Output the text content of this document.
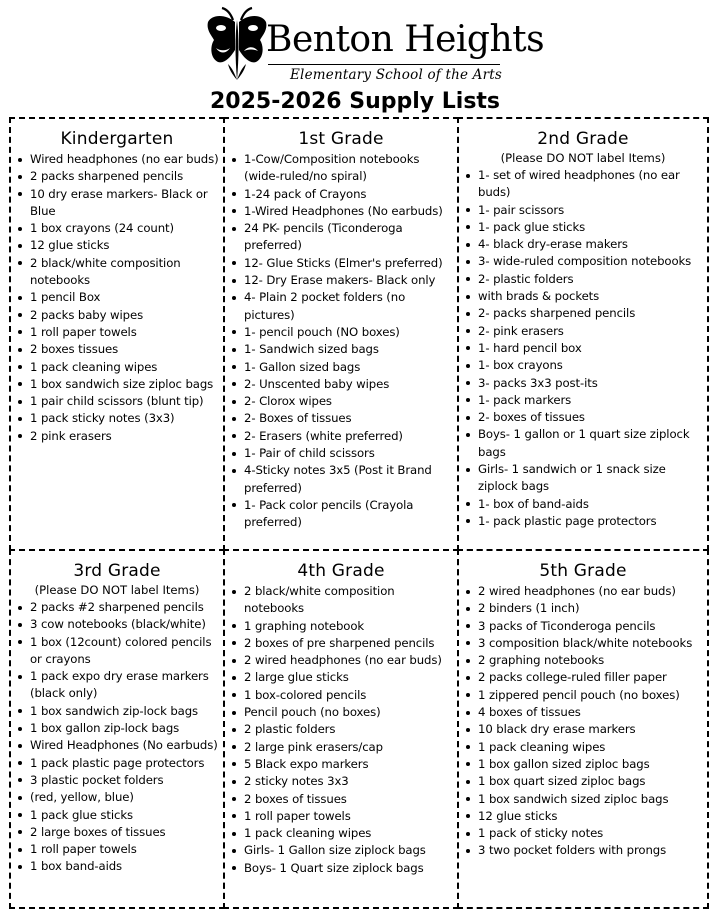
Benton Heights
Elementary School of the Arts
2025-2026 Supply Lists
Kindergarten
Wired headphones (no ear buds)
2 packs sharpened pencils
10 dry erase markers- Black or Blue
1 box crayons (24 count)
12 glue sticks
2 black/white composition notebooks
1 pencil Box
2 packs baby wipes
1 roll paper towels
2 boxes tissues
1 pack cleaning wipes
1 box sandwich size ziploc bags
1 pair child scissors (blunt tip)
1 pack sticky notes (3x3)
2 pink erasers
1st Grade
1-Cow/Composition notebooks (wide-ruled/no spiral)
1-24 pack of Crayons
1-Wired Headphones (No earbuds)
24 PK- pencils (Ticonderoga preferred)
12- Glue Sticks (Elmer's preferred)
12- Dry Erase makers- Black only
4- Plain 2 pocket folders (no pictures)
1- pencil pouch (NO boxes)
1- Sandwich sized bags
1- Gallon sized bags
2- Unscented baby wipes
2- Clorox wipes
2- Boxes of tissues
2- Erasers (white preferred)
1- Pair of child scissors
4-Sticky notes 3x5 (Post it Brand preferred)
1- Pack color pencils (Crayola preferred)
2nd Grade
(Please DO NOT label Items)
1- set of wired headphones (no ear buds)
1- pair scissors
1- pack glue sticks
4- black dry-erase makers
3- wide-ruled composition notebooks
2- plastic folders
with brads & pockets
2- packs sharpened pencils
2- pink erasers
1- hard pencil box
1- box crayons
3- packs 3x3 post-its
1- pack markers
2- boxes of tissues
Boys- 1 gallon or 1 quart size ziplock bags
Girls- 1 sandwich or 1 snack size ziplock bags
1- box of band-aids
1- pack plastic page protectors
3rd Grade
(Please DO NOT label Items)
2 packs #2 sharpened pencils
3 cow notebooks (black/white)
1 box (12count) colored pencils or crayons
1 pack expo dry erase markers (black only)
1 box sandwich zip-lock bags
1 box gallon zip-lock bags
Wired Headphones (No earbuds)
1 pack plastic page protectors
3 plastic pocket folders
(red, yellow, blue)
1 pack glue sticks
2 large boxes of tissues
1 roll paper towels
1 box band-aids
4th Grade
2 black/white composition notebooks
1 graphing notebook
2 boxes of pre sharpened pencils
2 wired headphones (no ear buds)
2 large glue sticks
1 box-colored pencils
Pencil pouch (no boxes)
2 plastic folders
2 large pink erasers/cap
5 Black expo markers
2 sticky notes 3x3
2 boxes of tissues
1 roll paper towels
1 pack cleaning wipes
Girls- 1 Gallon size ziplock bags
Boys- 1 Quart size ziplock bags
5th Grade
2 wired headphones (no ear buds)
2 binders (1 inch)
3 packs of Ticonderoga pencils
3 composition black/white notebooks
2 graphing notebooks
2 packs college-ruled filler paper
1 zippered pencil pouch (no boxes)
4 boxes of tissues
10 black dry erase markers
1 pack cleaning wipes
1 box gallon sized ziploc bags
1 box quart sized ziploc bags
1 box sandwich sized ziploc bags
12 glue sticks
1 pack of sticky notes
3 two pocket folders with prongs
